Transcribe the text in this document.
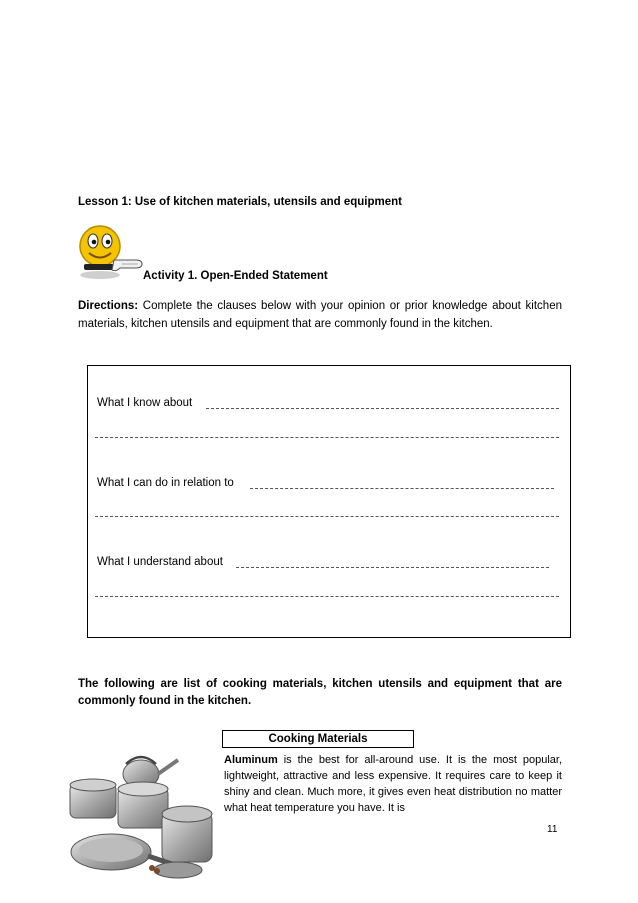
Lesson 1: Use of kitchen materials, utensils and equipment
Activity 1. Open-Ended Statement

Directions: Complete the clauses below with your opinion or prior knowledge about kitchen materials, kitchen utensils and equipment that are commonly found in the kitchen.

What I know about
What I can do in relation to
What I understand about

The following are list of cooking materials, kitchen utensils and equipment that are commonly found in the kitchen.

Cooking Materials

Aluminum is the best for all-around use. It is the most popular, lightweight, attractive and less expensive. It requires care to keep it shiny and clean. Much more, it gives even heat distribution no matter what heat temperature you have. It is

11
